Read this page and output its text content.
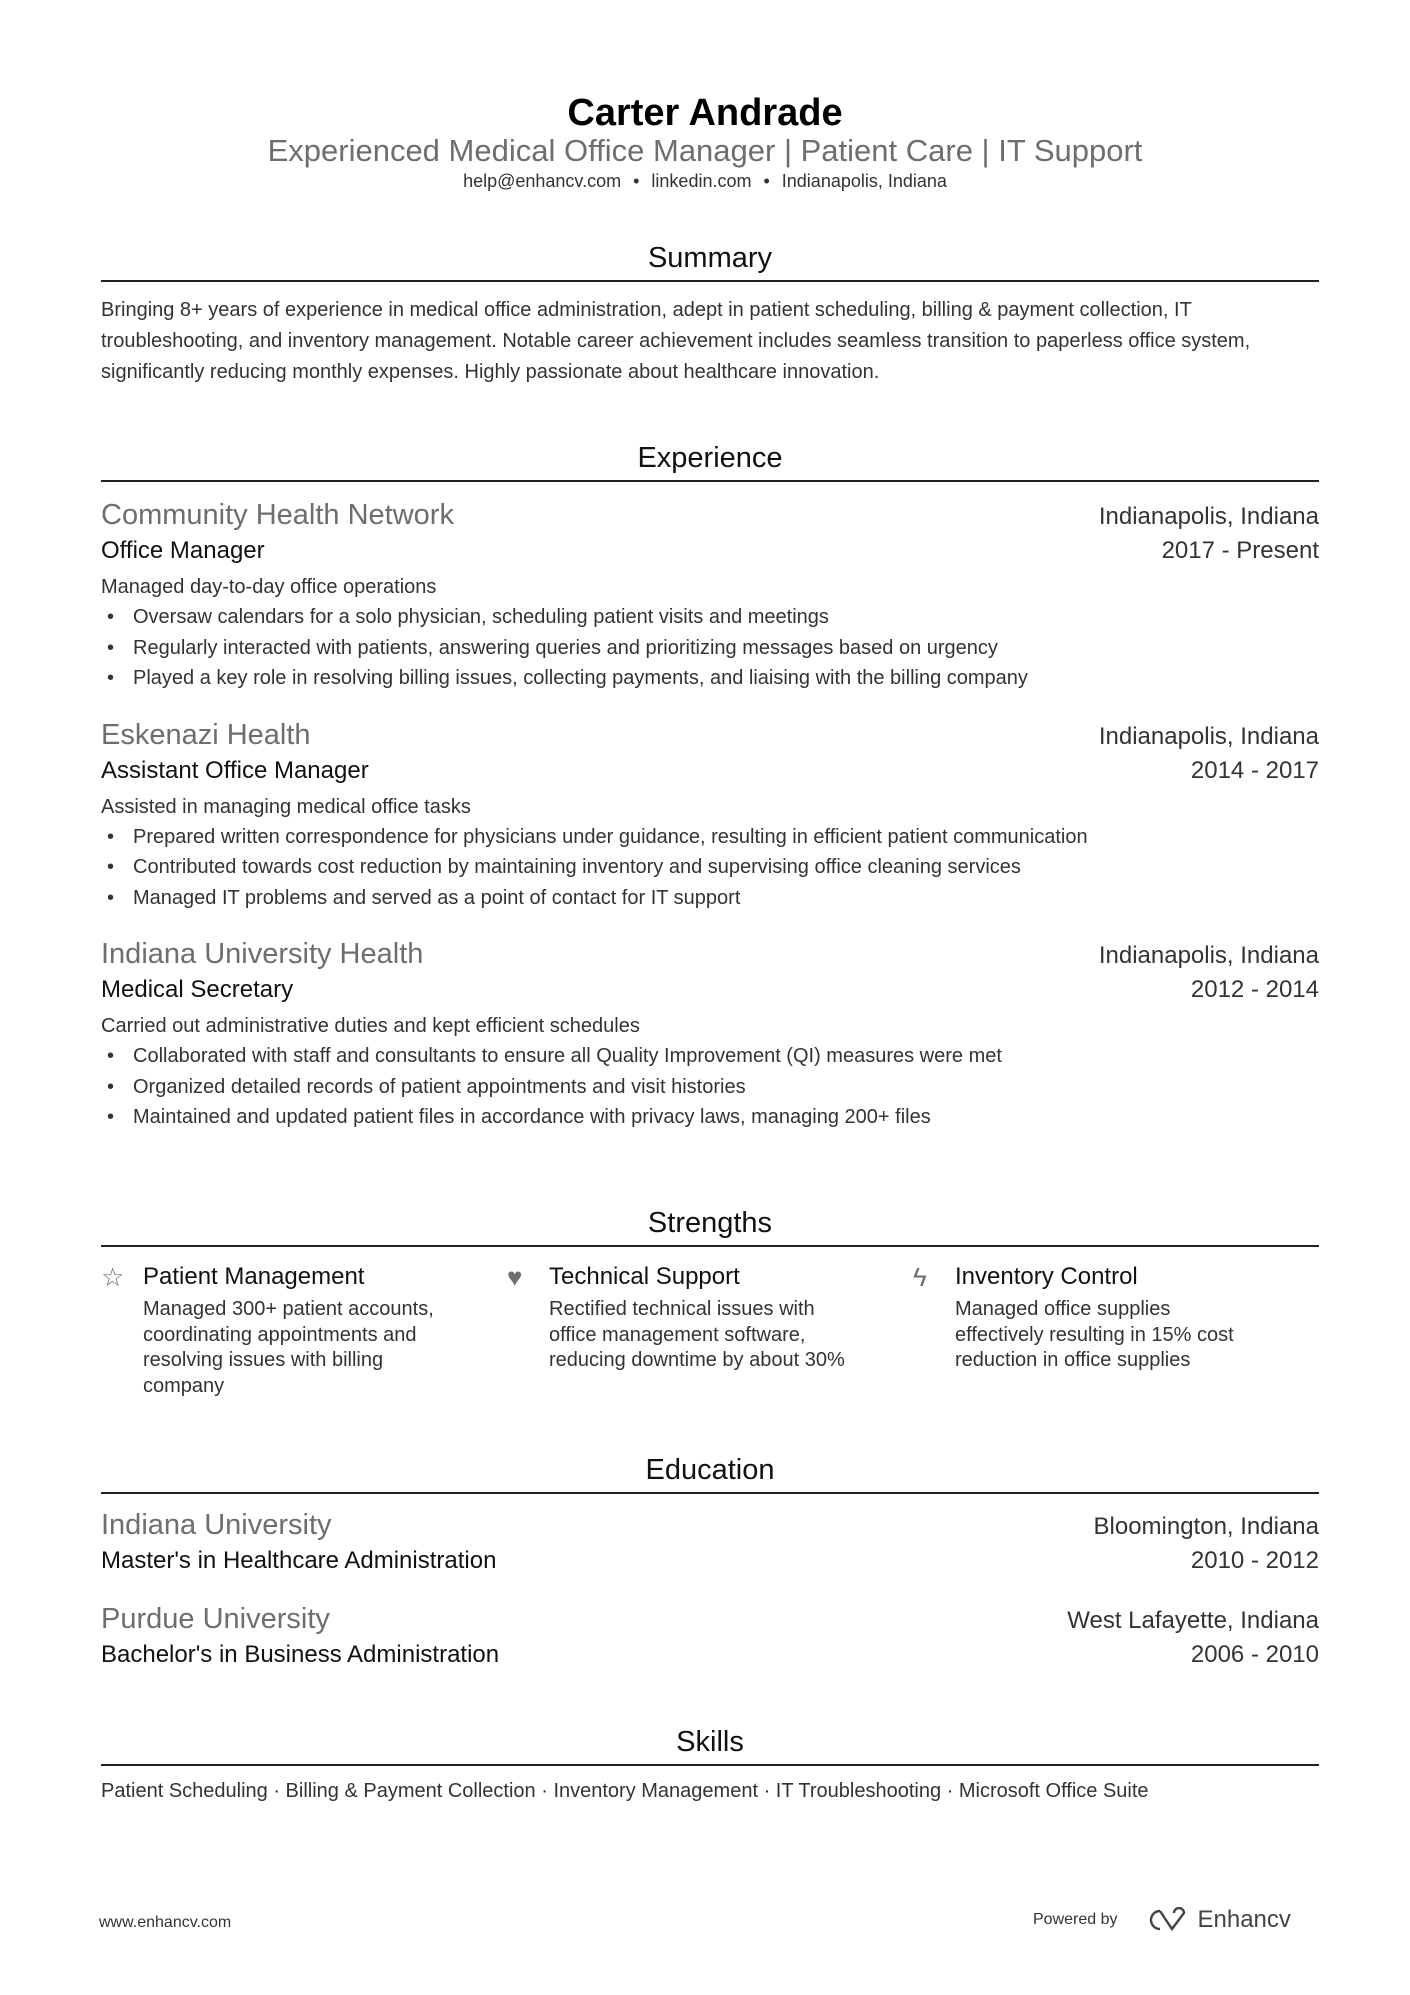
Carter Andrade
Experienced Medical Office Manager | Patient Care | IT Support
help@enhancv.com • linkedin.com • Indianapolis, Indiana
Summary
Bringing 8+ years of experience in medical office administration, adept in patient scheduling, billing & payment collection, IT troubleshooting, and inventory management. Notable career achievement includes seamless transition to paperless office system, significantly reducing monthly expenses. Highly passionate about healthcare innovation.
Experience
Community Health Network	Indianapolis, Indiana
Office Manager	2017 - Present
Managed day-to-day office operations
• Oversaw calendars for a solo physician, scheduling patient visits and meetings
• Regularly interacted with patients, answering queries and prioritizing messages based on urgency
• Played a key role in resolving billing issues, collecting payments, and liaising with the billing company
Eskenazi Health	Indianapolis, Indiana
Assistant Office Manager	2014 - 2017
Assisted in managing medical office tasks
• Prepared written correspondence for physicians under guidance, resulting in efficient patient communication
• Contributed towards cost reduction by maintaining inventory and supervising office cleaning services
• Managed IT problems and served as a point of contact for IT support
Indiana University Health	Indianapolis, Indiana
Medical Secretary	2012 - 2014
Carried out administrative duties and kept efficient schedules
• Collaborated with staff and consultants to ensure all Quality Improvement (QI) measures were met
• Organized detailed records of patient appointments and visit histories
• Maintained and updated patient files in accordance with privacy laws, managing 200+ files
Strengths
☆ Patient Management
Managed 300+ patient accounts, coordinating appointments and resolving issues with billing company
♥	Technical Support
Rectified technical issues with office management software, reducing downtime by about 30%
ϟ	Inventory Control
Managed office supplies effectively resulting in 15% cost reduction in office supplies
Education
Indiana University	Bloomington, Indiana
Master's in Healthcare Administration	2010 - 2012
Purdue University	West Lafayette, Indiana
Bachelor's in Business Administration	2006 - 2010
Skills
Patient Scheduling · Billing & Payment Collection · Inventory Management · IT Troubleshooting · Microsoft Office Suite
www.enhancv.com	Powered by	Enhancv
